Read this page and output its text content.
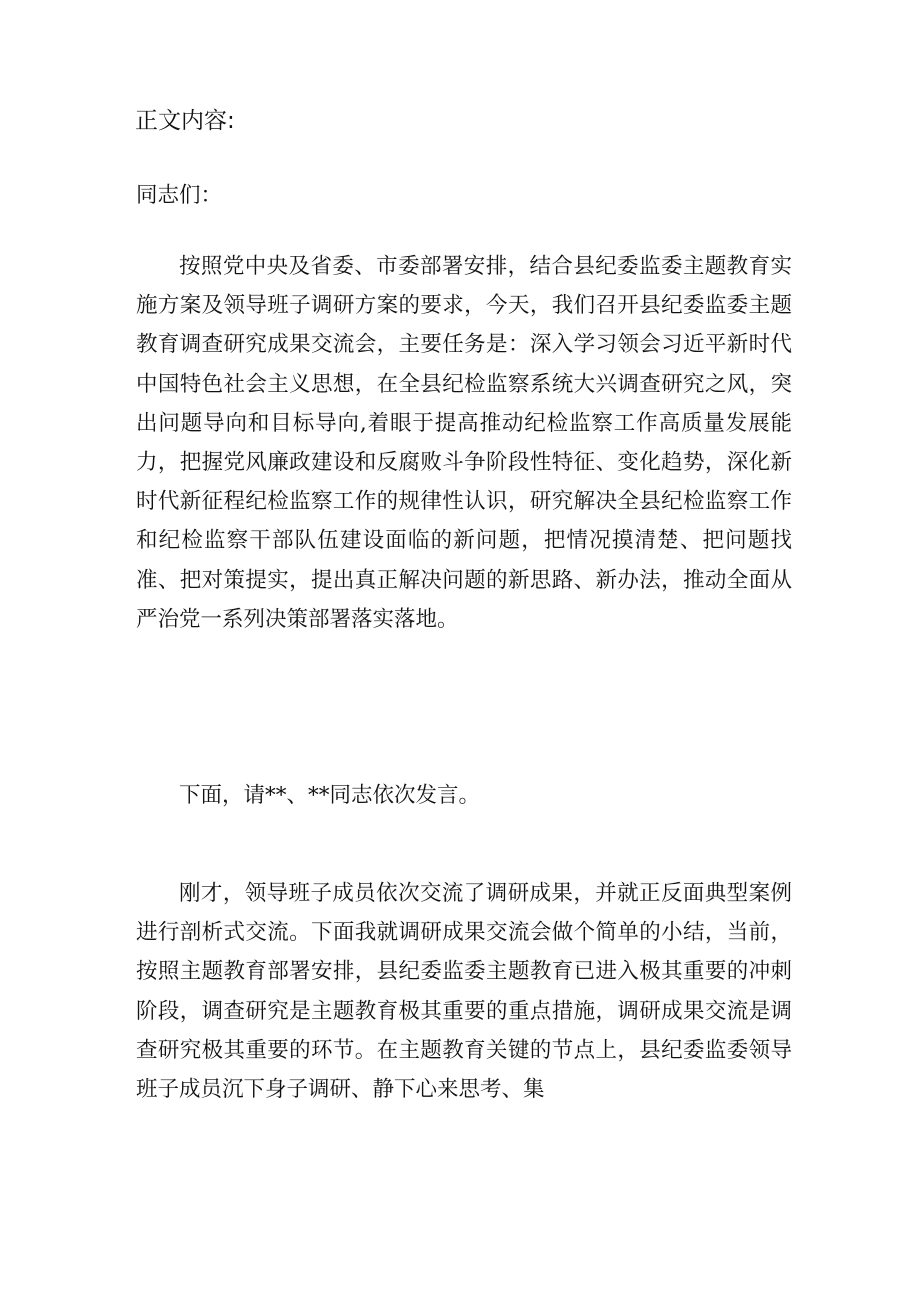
正文内容:

同志们：

按照党中央及省委、市委部署安排，结合县纪委监委主题教育实施方案及领导班子调研方案的要求，今天，我们召开县纪委监委主题教育调查研究成果交流会，主要任务是：深入学习领会习近平新时代中国特色社会主义思想，在全县纪检监察系统大兴调查研究之风，突出问题导向和目标导向,着眼于提高推动纪检监察工作高质量发展能力，把握党风廉政建设和反腐败斗争阶段性特征、变化趋势，深化新时代新征程纪检监察工作的规律性认识，研究解决全县纪检监察工作和纪检监察干部队伍建设面临的新问题，把情况摸清楚、把问题找准、把对策提实，提出真正解决问题的新思路、新办法，推动全面从严治党一系列决策部署落实落地。

下面，请**、**同志依次发言。

刚才，领导班子成员依次交流了调研成果，并就正反面典型案例进行剖析式交流。下面我就调研成果交流会做个简单的小结，当前，按照主题教育部署安排，县纪委监委主题教育已进入极其重要的冲刺阶段，调查研究是主题教育极其重要的重点措施，调研成果交流是调查研究极其重要的环节。在主题教育关键的节点上，县纪委监委领导班子成员沉下身子调研、静下心来思考、集
